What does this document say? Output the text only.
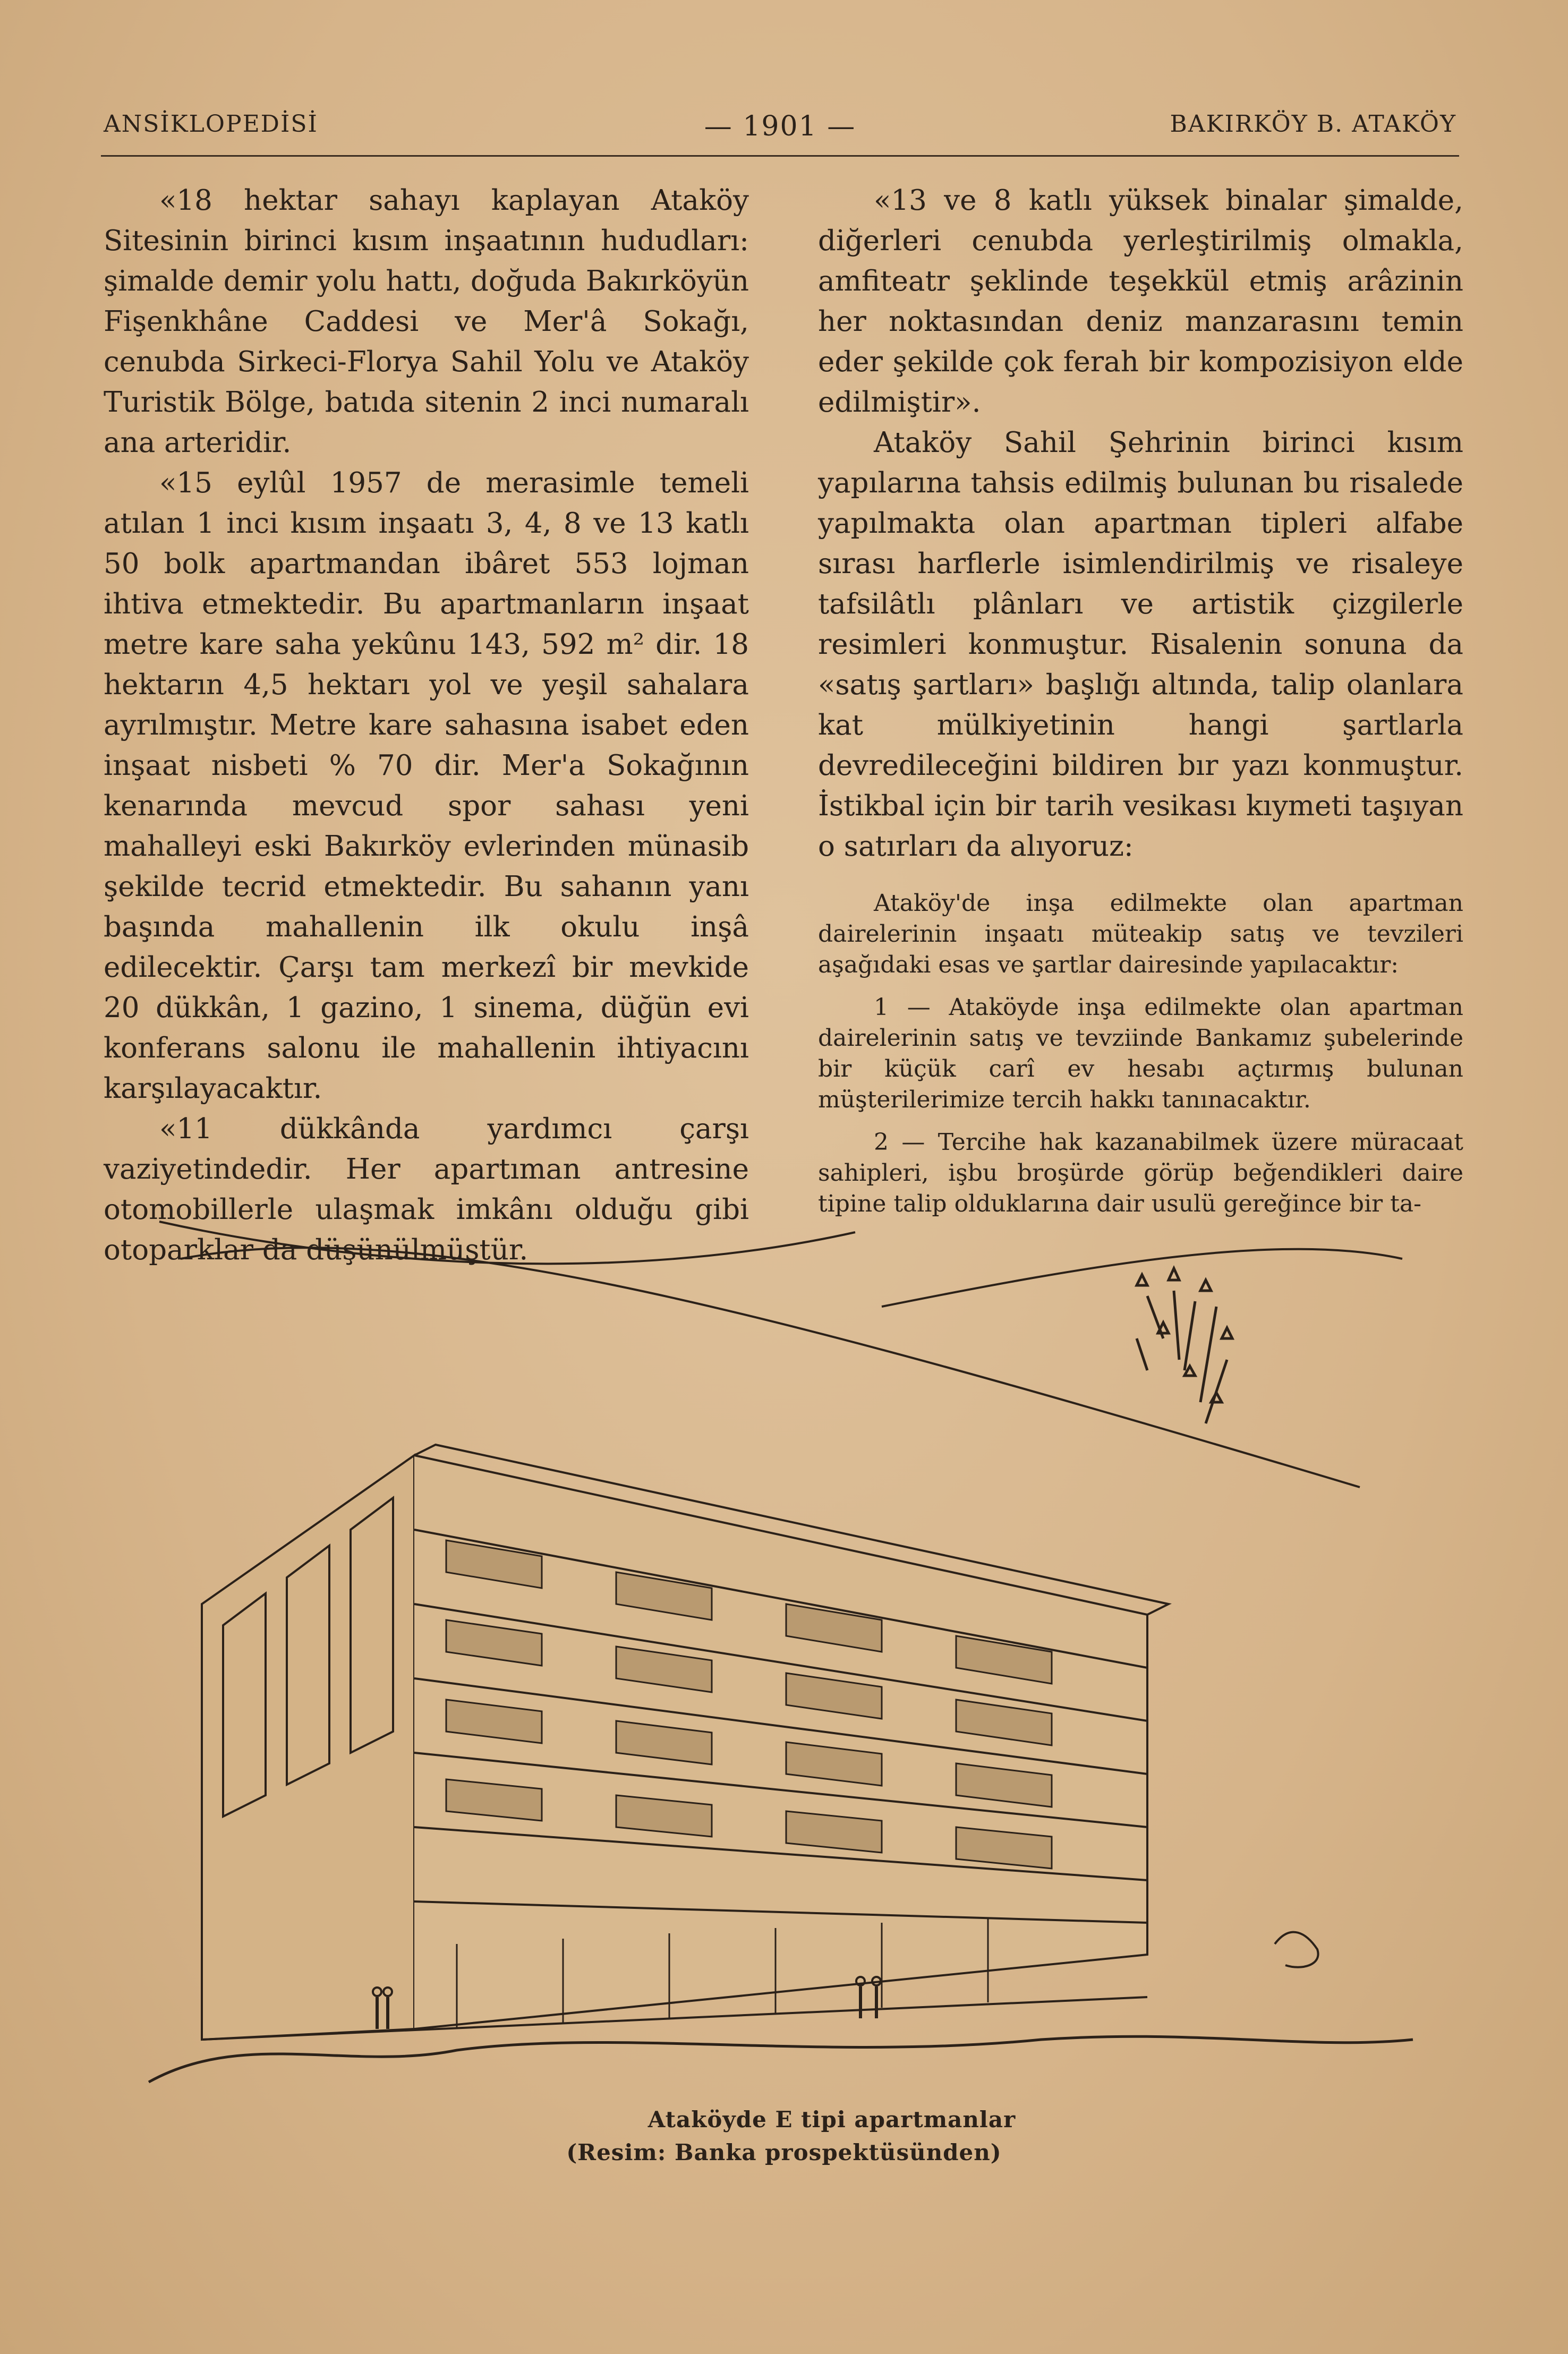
ANSİKLOPEDİSİ	— 1901 —	BAKIRKÖY B. ATAKÖY

«18 hektar sahayı kaplayan Ataköy Sitesinin birinci kısım inşaatının hududları: şimalde demir yolu hattı, doğuda Bakırköyün Fişenkhâne Caddesi ve Mer'â Sokağı, cenubda Sirkeci-Florya Sahil Yolu ve Ataköy Turistik Bölge, batıda sitenin 2 inci numaralı ana arteridir.

«15 eylûl 1957 de merasimle temeli atılan 1 inci kısım inşaatı 3, 4, 8 ve 13 katlı 50 bolk apartmandan ibâret 553 lojman ihtiva etmektedir. Bu apartmanların inşaat metre kare saha yekûnu 143, 592 m² dir. 18 hektarın 4,5 hektarı yol ve yeşil sahalara ayrılmıştır. Metre kare sahasına isabet eden inşaat nisbeti % 70 dir. Mer'a Sokağının kenarında mevcud spor sahası yeni mahalleyi eski Bakırköy evlerinden münasib şekilde tecrid etmektedir. Bu sahanın yanı başında mahallenin ilk okulu inşâ edilecektir. Çarşı tam merkezî bir mevkide 20 dükkân, 1 gazino, 1 sinema, düğün evi konferans salonu ile mahallenin ihtiyacını karşılayacaktır.

«11 dükkânda yardımcı çarşı vaziyetindedir. Her apartıman antresine otomobillerle ulaşmak imkânı olduğu gibi otoparklar da düşünülmüştür.

«13 ve 8 katlı yüksek binalar şimalde, diğerleri cenubda yerleştirilmiş olmakla, amfiteatr şeklinde teşekkül etmiş arâzinin her noktasından deniz manzarasını temin eder şekilde çok ferah bir kompozisiyon elde edilmiştir».

Ataköy Sahil Şehrinin birinci kısım yapılarına tahsis edilmiş bulunan bu risalede yapılmakta olan apartman tipleri alfabe sırası harflerle isimlendirilmiş ve risaleye tafsilâtlı plânları ve artistik çizgilerle resimleri konmuştur. Risalenin sonuna da «satış şartları» başlığı altında, talip olanlara kat mülkiyetinin hangi şartlarla devredileceğini bildiren bır yazı konmuştur. İstikbal için bir tarih vesikası kıymeti taşıyan o satırları da alıyoruz:

Ataköy'de inşa edilmekte olan apartman dairelerinin inşaatı müteakip satış ve tevzileri aşağıdaki esas ve şartlar dairesinde yapılacaktır:

1 — Ataköyde inşa edilmekte olan apartman dairelerinin satış ve tevziinde Bankamız şubelerinde bir küçük carî ev hesabı açtırmış bulunan müşterilerimize tercih hakkı tanınacaktır.

2 — Tercihe hak kazanabilmek üzere müracaat sahipleri, işbu broşürde görüp beğendikleri daire tipine talip olduklarına dair usulü gereğince bir ta-

Ataköyde E tipi apartmanlar
(Resim: Banka prospektüsünden)
